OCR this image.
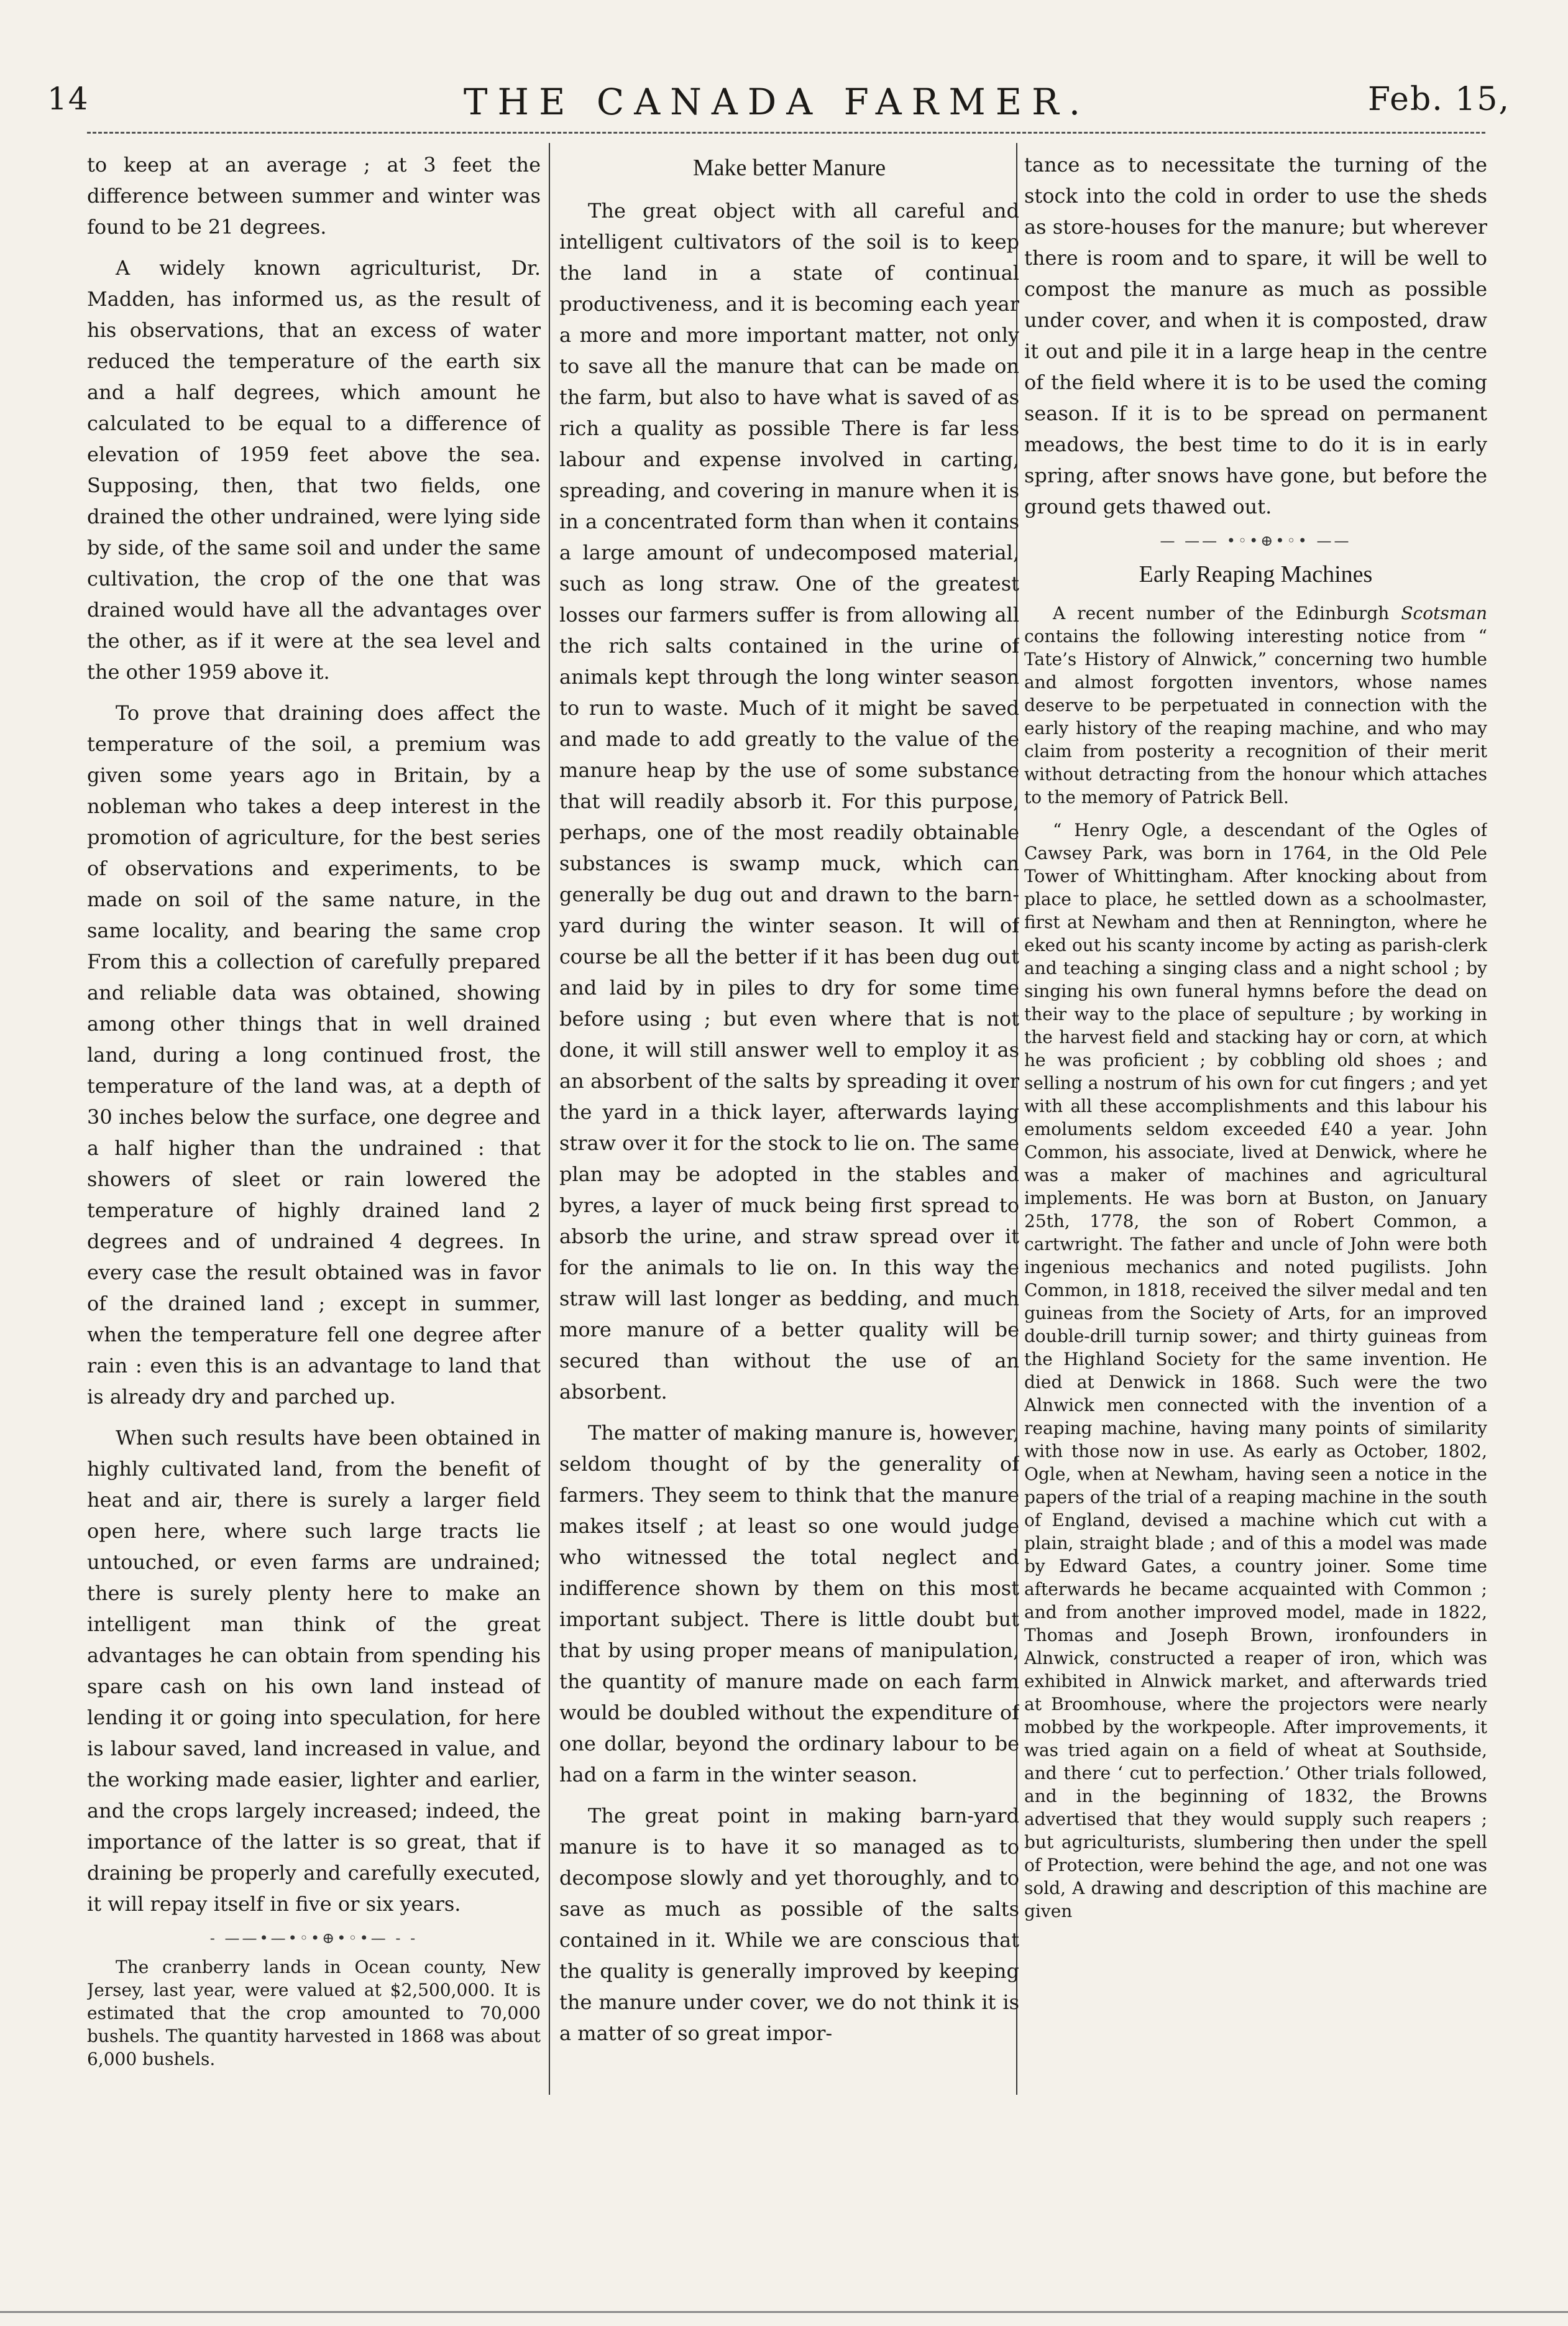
14	THE CANADA FARMER.	Feb. 15,

to keep at an average ; at 3 feet the difference between summer and winter was found to be 21 degrees.

A widely known agriculturist, Dr. Madden, has informed us, as the result of his observations, that an excess of water reduced the temperature of the earth six and a half degrees, which amount he calculated to be equal to a difference of elevation of 1959 feet above the sea. Supposing, then, that two fields, one drained the other undrained, were lying side by side, of the same soil and under the same cultivation, the crop of the one that was drained would have all the advantages over the other, as if it were at the sea level and the other 1959 above it.

To prove that draining does affect the temperature of the soil, a premium was given some years ago in Britain, by a nobleman who takes a deep interest in the promotion of agriculture, for the best series of observations and experiments, to be made on soil of the same nature, in the same locality, and bearing the same crop From this a collection of carefully prepared and reliable data was obtained, showing among other things that in well drained land, during a long continued frost, the temperature of the land was, at a depth of 30 inches below the surface, one degree and a half higher than the undrained : that showers of sleet or rain lowered the temperature of highly drained land 2 degrees and of undrained 4 degrees. In every case the result obtained was in favor of the drained land ; except in summer, when the temperature fell one degree after rain : even this is an advantage to land that is already dry and parched up.

When such results have been obtained in highly cultivated land, from the benefit of heat and air, there is surely a larger field open here, where such large tracts lie untouched, or even farms are undrained; there is surely plenty here to make an intelligent man think of the great advantages he can obtain from spending his spare cash on his own land instead of lending it or going into speculation, for here is labour saved, land increased in value, and the working made easier, lighter and earlier, and the crops largely increased; indeed, the importance of the latter is so great, that if draining be properly and carefully executed, it will repay itself in five or six years.

- ——•—•◦•⊕•◦•— - -

The cranberry lands in Ocean county, New Jersey, last year, were valued at $2,500,000. It is estimated that the crop amounted to 70,000 bushels. The quantity harvested in 1868 was about 6,000 bushels.

Make better Manure

The great object with all careful and intelligent cultivators of the soil is to keep the land in a state of continual productiveness, and it is becoming each year a more and more important matter, not only to save all the manure that can be made on the farm, but also to have what is saved of as rich a quality as possible There is far less labour and expense involved in carting, spreading, and covering in manure when it is in a concentrated form than when it contains a large amount of undecomposed material, such as long straw. One of the greatest losses our farmers suffer is from allowing all the rich salts contained in the urine of animals kept through the long winter season to run to waste. Much of it might be saved and made to add greatly to the value of the manure heap by the use of some substance that will readily absorb it. For this purpose, perhaps, one of the most readily obtainable substances is swamp muck, which can generally be dug out and drawn to the barn-yard during the winter season. It will of course be all the better if it has been dug out and laid by in piles to dry for some time before using ; but even where that is not done, it will still answer well to employ it as an absorbent of the salts by spreading it over the yard in a thick layer, afterwards laying straw over it for the stock to lie on. The same plan may be adopted in the stables and byres, a layer of muck being first spread to absorb the urine, and straw spread over it for the animals to lie on. In this way the straw will last longer as bedding, and much more manure of a better quality will be secured than without the use of an absorbent.

The matter of making manure is, however, seldom thought of by the generality of farmers. They seem to think that the manure makes itself ; at least so one would judge who witnessed the total neglect and indifference shown by them on this most important subject. There is little doubt but that by using proper means of manipulation, the quantity of manure made on each farm would be doubled without the expenditure of one dollar, beyond the ordinary labour to be had on a farm in the winter season.

The great point in making barn-yard manure is to have it so managed as to decompose slowly and yet thoroughly, and to save as much as possible of the salts contained in it. While we are conscious that the quality is generally improved by keeping the manure under cover, we do not think it is a matter of so great impor-

tance as to necessitate the turning of the stock into the cold in order to use the sheds as store-houses for the manure; but wherever there is room and to spare, it will be well to compost the manure as much as possible under cover, and when it is composted, draw it out and pile it in a large heap in the centre of the field where it is to be used the coming season. If it is to be spread on permanent meadows, the best time to do it is in early spring, after snows have gone, but before the ground gets thawed out.

— —— •◦•⊕•◦• ——
Early Reaping Machines

A recent number of the Edinburgh Scotsman contains the following interesting notice from “ Tate’s History of Alnwick,” concerning two humble and almost forgotten inventors, whose names deserve to be perpetuated in connection with the early history of the reaping machine, and who may claim from posterity a recognition of their merit without detracting from the honour which attaches to the memory of Patrick Bell.

“ Henry Ogle, a descendant of the Ogles of Cawsey Park, was born in 1764, in the Old Pele Tower of Whittingham. After knocking about from place to place, he settled down as a schoolmaster, first at Newham and then at Rennington, where he eked out his scanty income by acting as parish-clerk and teaching a singing class and a night school ; by singing his own funeral hymns before the dead on their way to the place of sepulture ; by working in the harvest field and stacking hay or corn, at which he was proficient ; by cobbling old shoes ; and selling a nostrum of his own for cut fingers ; and yet with all these accomplishments and this labour his emoluments seldom exceeded £40 a year. John Common, his associate, lived at Denwick, where he was a maker of machines and agricultural implements. He was born at Buston, on January 25th, 1778, the son of Robert Common, a cartwright. The father and uncle of John were both ingenious mechanics and noted pugilists. John Common, in 1818, received the silver medal and ten guineas from the Society of Arts, for an improved double-drill turnip sower; and thirty guineas from the Highland Society for the same invention. He died at Denwick in 1868. Such were the two Alnwick men connected with the invention of a reaping machine, having many points of similarity with those now in use. As early as October, 1802, Ogle, when at Newham, having seen a notice in the papers of the trial of a reaping machine in the south of England, devised a machine which cut with a plain, straight blade ; and of this a model was made by Edward Gates, a country joiner. Some time afterwards he became acquainted with Common ; and from another improved model, made in 1822, Thomas and Joseph Brown, ironfounders in Alnwick, constructed a reaper of iron, which was exhibited in Alnwick market, and afterwards tried at Broomhouse, where the projectors were nearly mobbed by the workpeople. After improvements, it was tried again on a field of wheat at Southside, and there ‘ cut to perfection.’ Other trials followed, and in the beginning of 1832, the Browns advertised that they would supply such reapers ; but agriculturists, slumbering then under the spell of Protection, were behind the age, and not one was sold, A drawing and description of this machine are given
